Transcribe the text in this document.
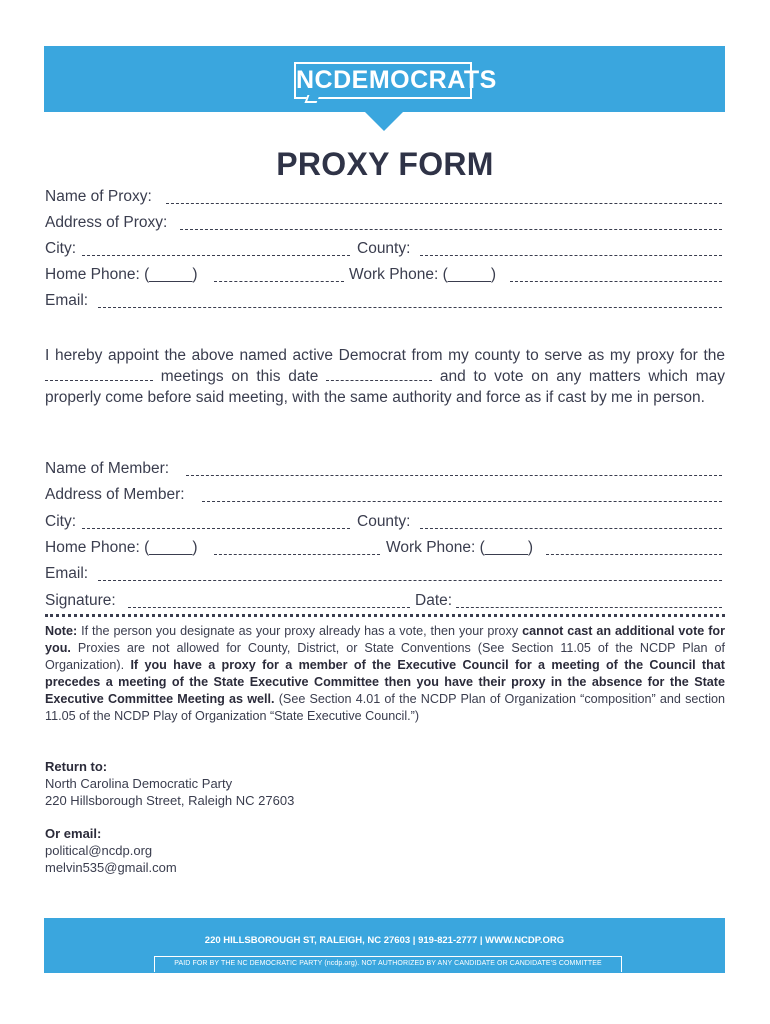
NCDEMOCRATS
PROXY FORM
Name of Proxy:
Address of Proxy:
City:	County:
Home Phone: (_____)	Work Phone: (_____)
Email:
I hereby appoint the above named active Democrat from my county to serve as my proxy for the  meetings on this date	and to vote on any matters which may properly come before said meeting, with the same authority and force as if cast by me in person.
Name of Member:
Address of Member:
City:	County:
Home Phone: (_____)	Work Phone: (_____)
Email:
Signature:	Date:
Note: If the person you designate as your proxy already has a vote, then your proxy cannot cast an additional vote for you. Proxies are not allowed for County, District, or State Conventions (See Section 11.05 of the NCDP Plan of Organization). If you have a proxy for a member of the Executive Council for a meeting of the Council that precedes a meeting of the State Executive Committee then you have their proxy in the absence for the State Executive Committee Meeting as well. (See Section 4.01 of the NCDP Plan of Organization “composition” and section 11.05 of the NCDP Play of Organization “State Executive Council.”)
Return to:
North Carolina Democratic Party
220 Hillsborough Street, Raleigh NC 27603
Or email:
political@ncdp.org
melvin535@gmail.com
220 HILLSBOROUGH ST, RALEIGH, NC 27603 | 919-821-2777 | WWW.NCDP.ORG
PAID FOR BY THE NC DEMOCRATIC PARTY (ncdp.org). NOT AUTHORIZED BY ANY CANDIDATE OR CANDIDATE'S COMMITTEE
